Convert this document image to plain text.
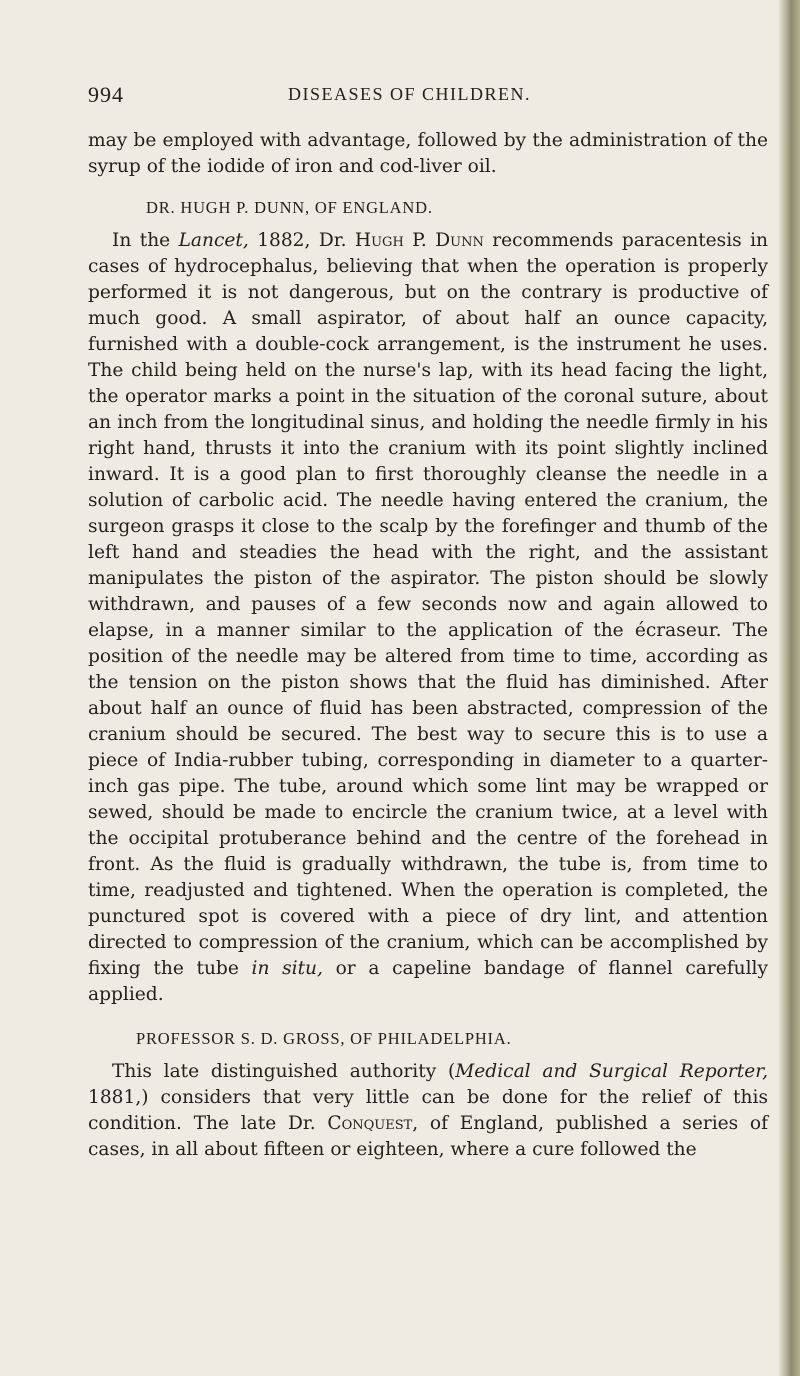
994	DISEASES OF CHILDREN.

may be employed with advantage, followed by the administration of the syrup of the iodide of iron and cod-liver oil.

DR. HUGH P. DUNN, OF ENGLAND.

In the Lancet, 1882, Dr. Hugh P. Dunn recommends paracentesis in cases of hydrocephalus, believing that when the operation is properly performed it is not dangerous, but on the contrary is productive of much good. A small aspirator, of about half an ounce capacity, furnished with a double-cock arrangement, is the instrument he uses. The child being held on the nurse's lap, with its head facing the light, the operator marks a point in the situation of the coronal suture, about an inch from the longitudinal sinus, and holding the needle firmly in his right hand, thrusts it into the cranium with its point slightly inclined inward. It is a good plan to first thoroughly cleanse the needle in a solution of carbolic acid. The needle having entered the cranium, the surgeon grasps it close to the scalp by the forefinger and thumb of the left hand and steadies the head with the right, and the assistant manipulates the piston of the aspirator. The piston should be slowly withdrawn, and pauses of a few seconds now and again allowed to elapse, in a manner similar to the application of the écraseur. The position of the needle may be altered from time to time, according as the tension on the piston shows that the fluid has diminished. After about half an ounce of fluid has been abstracted, compression of the cranium should be secured. The best way to secure this is to use a piece of India-rubber tubing, corresponding in diameter to a quarter-inch gas pipe. The tube, around which some lint may be wrapped or sewed, should be made to encircle the cranium twice, at a level with the occipital protuberance behind and the centre of the forehead in front. As the fluid is gradually withdrawn, the tube is, from time to time, readjusted and tightened. When the operation is completed, the punctured spot is covered with a piece of dry lint, and attention directed to compression of the cranium, which can be accomplished by fixing the tube in situ, or a capeline bandage of flannel carefully applied.

PROFESSOR S. D. GROSS, OF PHILADELPHIA.

This late distinguished authority (Medical and Surgical Reporter, 1881,) considers that very little can be done for the relief of this condition. The late Dr. Conquest, of England, published a series of cases, in all about fifteen or eighteen, where a cure followed the
